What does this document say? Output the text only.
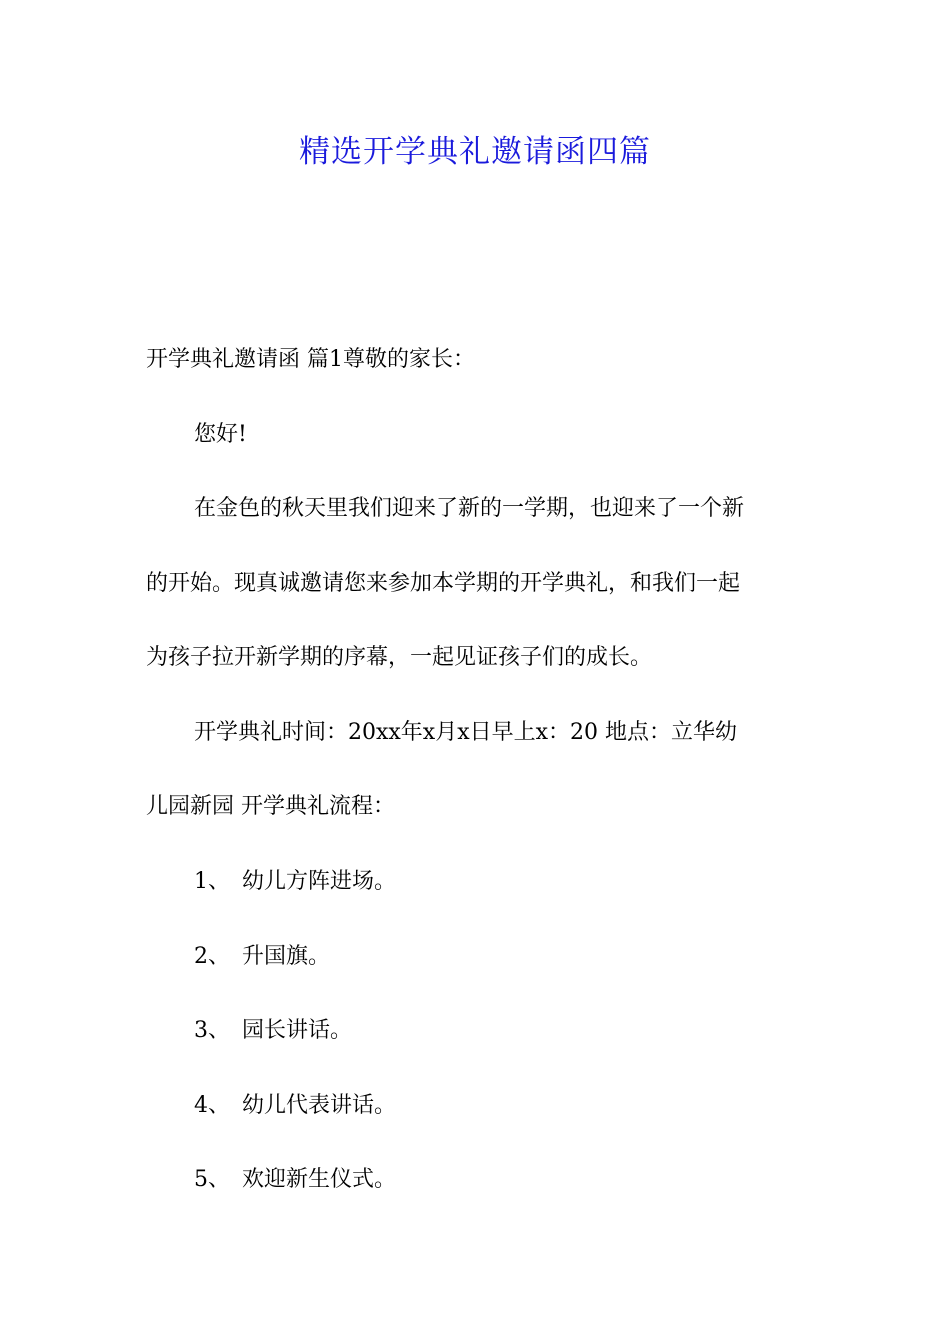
精选开学典礼邀请函四篇
开学典礼邀请函 篇1尊敬的家长：
您好!
在金色的秋天里我们迎来了新的一学期，也迎来了一个新
的开始。现真诚邀请您来参加本学期的开学典礼，和我们一起
为孩子拉开新学期的序幕，一起见证孩子们的成长。
开学典礼时间：20xx年x月x日早上x：20 地点：立华幼
儿园新园 开学典礼流程：
1、 幼儿方阵进场。
2、 升国旗。
3、 园长讲话。
4、 幼儿代表讲话。
5、 欢迎新生仪式。
